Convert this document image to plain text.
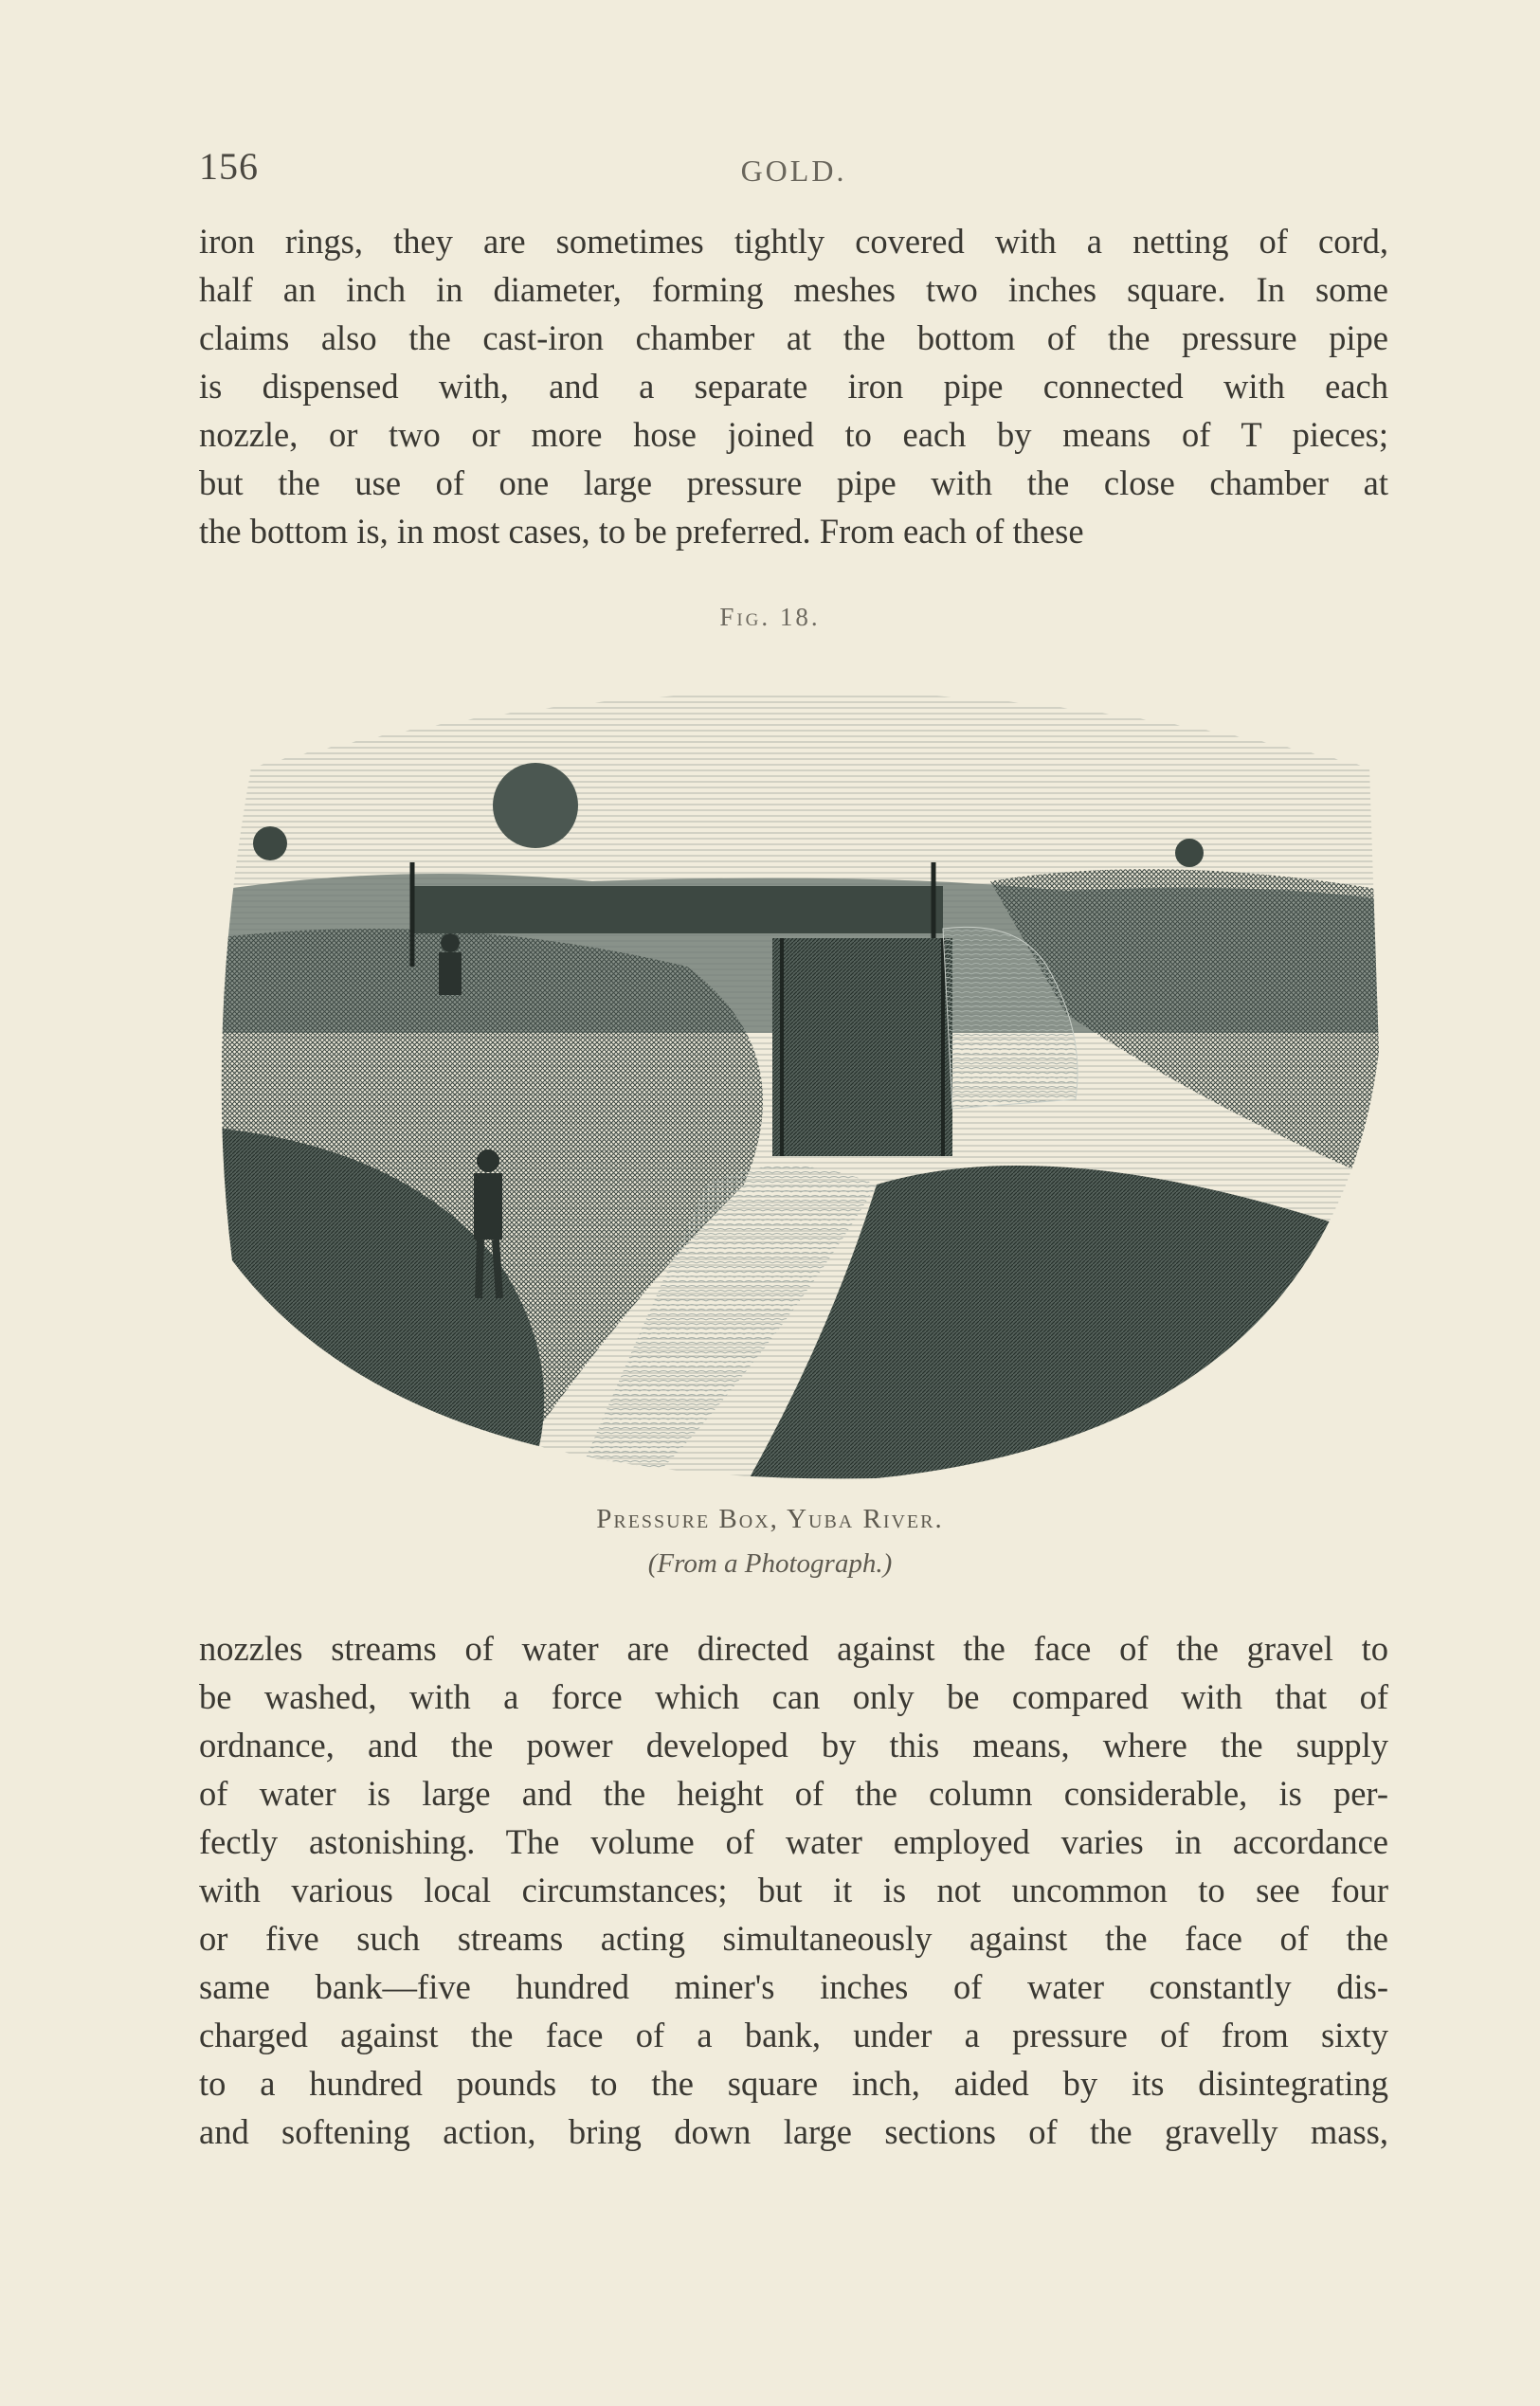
156	GOLD.
iron rings, they are sometimes tightly covered with a netting of cord,
half an inch in diameter, forming meshes two inches square. In some
claims also the cast-iron chamber at the bottom of the pressure pipe
is dispensed with, and a separate iron pipe connected with each
nozzle, or two or more hose joined to each by means of T pieces;
but the use of one large pressure pipe with the close chamber at
the bottom is, in most cases, to be preferred. From each of these
Fig. 18.
Pressure Box, Yuba River.
(From a Photograph.)
nozzles streams of water are directed against the face of the gravel to
be washed, with a force which can only be compared with that of
ordnance, and the power developed by this means, where the supply
of water is large and the height of the column considerable, is per-
fectly astonishing. The volume of water employed varies in accordance
with various local circumstances; but it is not uncommon to see four
or five such streams acting simultaneously against the face of the
same bank—five hundred miner's inches of water constantly dis-
charged against the face of a bank, under a pressure of from sixty
to a hundred pounds to the square inch, aided by its disintegrating
and softening action, bring down large sections of the gravelly mass,
